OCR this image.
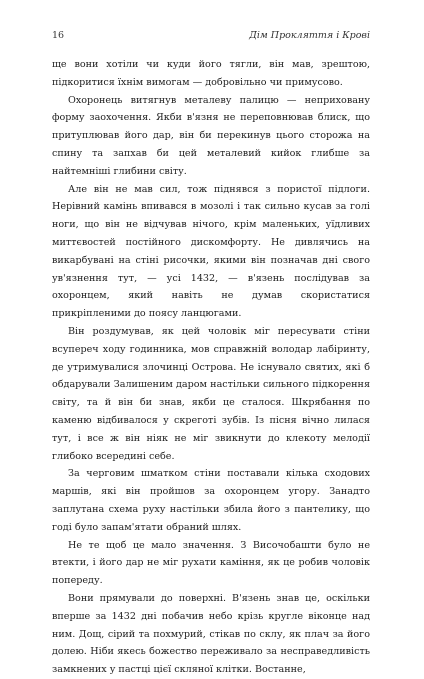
16	Дім Прокляття і Крові

ще вони хотіли чи куди його тягли, він мав, зрештою, підкоритися їхнім вимогам — добровільно чи примусово.

Охоронець витягнув металеву палицю — неприховану форму заохочення. Якби в'язня не переповнював блиск, що притуплював його дар, він би перекинув цього сторожа на спину та запхав би цей металевий кийок глибше за найтемніші глибини світу.

Але він не мав сил, тож піднявся з пористої підлоги. Нерівний камінь впивався в мозолі і так сильно кусав за голі ноги, що він не відчував нічого, крім маленьких, уїдливих миттєвостей постійного дискомфорту. Не дивлячись на викарбувані на стіні рисочки, якими він позначав дні свого ув'язнення тут, — усі 1432, — в'язень послідував за охоронцем, який навіть не думав скористатися прикріпленими до поясу ланцюгами.

Він роздумував, як цей чоловік міг пересувати стіни всупереч ходу годинника, мов справжній володар лабіринту, де утримувалися злочинці Острова. Не існувало святих, які б обдарували Залишеним даром настільки сильного підкорення світу, та й він би знав, якби це сталося. Шкрябання по каменю відбивалося у скреготі зубів. Із пісня вічно лилася тут, і все ж він ніяк не міг звикнути до клекоту мелодії глибоко всередині себе.

За черговим шматком стіни поставали кілька сходових маршів, які він пройшов за охоронцем угору. Занадто заплутана схема руху настільки збила його з пантелику, що годі було запам'ятати обраний шлях.

Не те щоб це мало значення. З Височобашти було не втекти, і його дар не міг рухати каміння, як це робив чоловік попереду.

Вони прямували до поверхні. В'язень знав це, оскільки вперше за 1432 дні побачив небо крізь кругле віконце над ним. Дощ, сірий та похмурий, стікав по склу, як плач за його долею. Ніби якесь божество переживало за несправедливість замкнених у пастці цієї скляної клітки. Востанне,
